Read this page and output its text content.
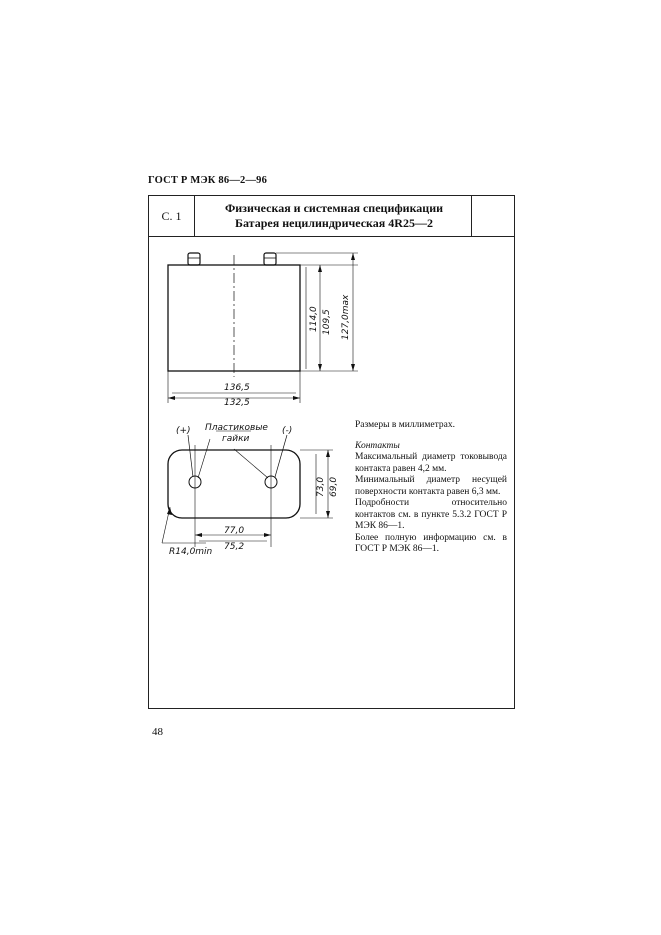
ГОСТ Р МЭК 86—2—96
С. 1
Физическая и системная спецификации Батарея нецилиндрическая 4R25—2
136,5
132,5
114,0 109,5 127,0max
(+)	(-)
Пластиковые
гайки
73,0 69,0
77,0
75,2
R14,0min

Размеры в миллиметрах.

Контакты

Максимальный диаметр токовывода контакта равен 4,2 мм.

Минимальный диаметр несущей поверхности контакта равен 6,3 мм.

Подробности относительно контактов см. в пункте 5.3.2 ГОСТ Р МЭК 86—1.

Более полную информацию см. в ГОСТ Р МЭК 86—1.

48
